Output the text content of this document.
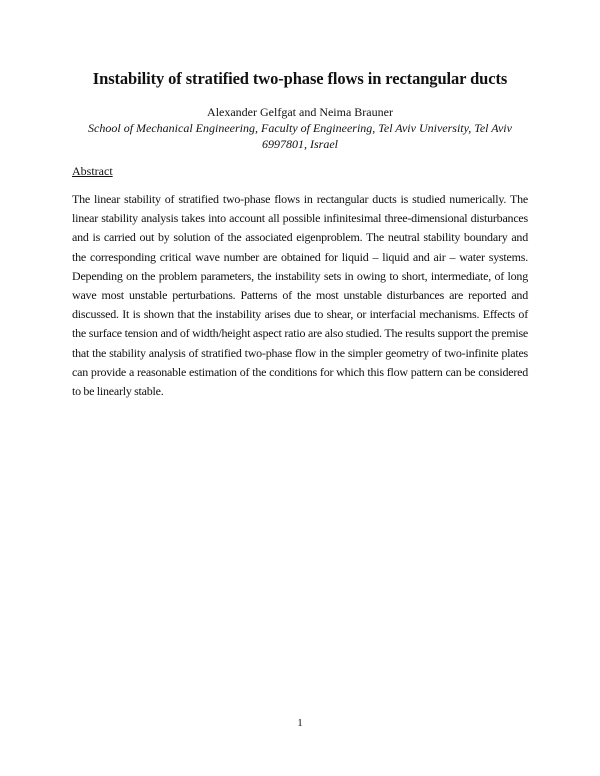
Instability of stratified two-phase flows in rectangular ducts
Alexander Gelfgat and Neima Brauner
School of Mechanical Engineering, Faculty of Engineering, Tel Aviv University, Tel Aviv 6997801, Israel
Abstract
The linear stability of stratified two-phase flows in rectangular ducts is studied numerically. The
linear stability analysis takes into account all possible infinitesimal three-dimensional disturbances
and is carried out by solution of the associated eigenproblem. The neutral stability boundary and
the corresponding critical wave number are obtained for liquid – liquid and air – water systems.
Depending on the problem parameters, the instability sets in owing to short, intermediate, of long
wave most unstable perturbations. Patterns of the most unstable disturbances are reported and
discussed. It is shown that the instability arises due to shear, or interfacial mechanisms. Effects of
the surface tension and of width/height aspect ratio are also studied. The results support the premise
that the stability analysis of stratified two-phase flow in the simpler geometry of two-infinite plates
can provide a reasonable estimation of the conditions for which this flow pattern can be considered
to be linearly stable.
1
